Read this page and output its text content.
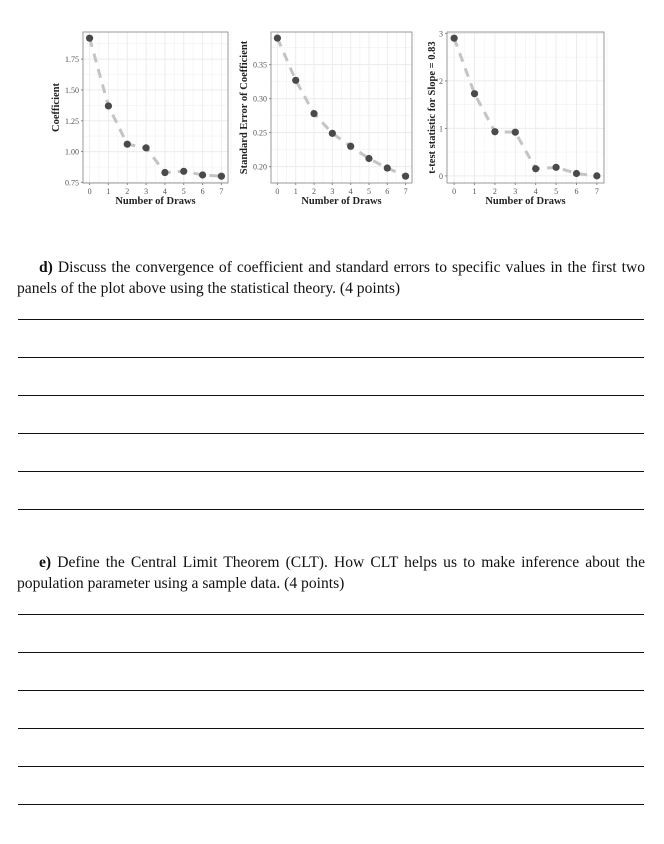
0.75
1.00
1.25
1.50
1.75
0 1 2 3 4 5 6 7
Number of Draws
Coefficient
0.20
0.25
0.30
0.35
0 1 2 3 4 5 6 7
Number of Draws
Standard Error of Coefficient
0
1
2
3
0 1 2 3 4 5 6 7
Number of Draws
t-test statistic for Slope = 0.83
d) Discuss the convergence of coefficient and standard errors to specific values in the first two panels of the plot above using the statistical theory. (4 points)
e) Define the Central Limit Theorem (CLT). How CLT helps us to make inference about the population parameter using a sample data. (4 points)
